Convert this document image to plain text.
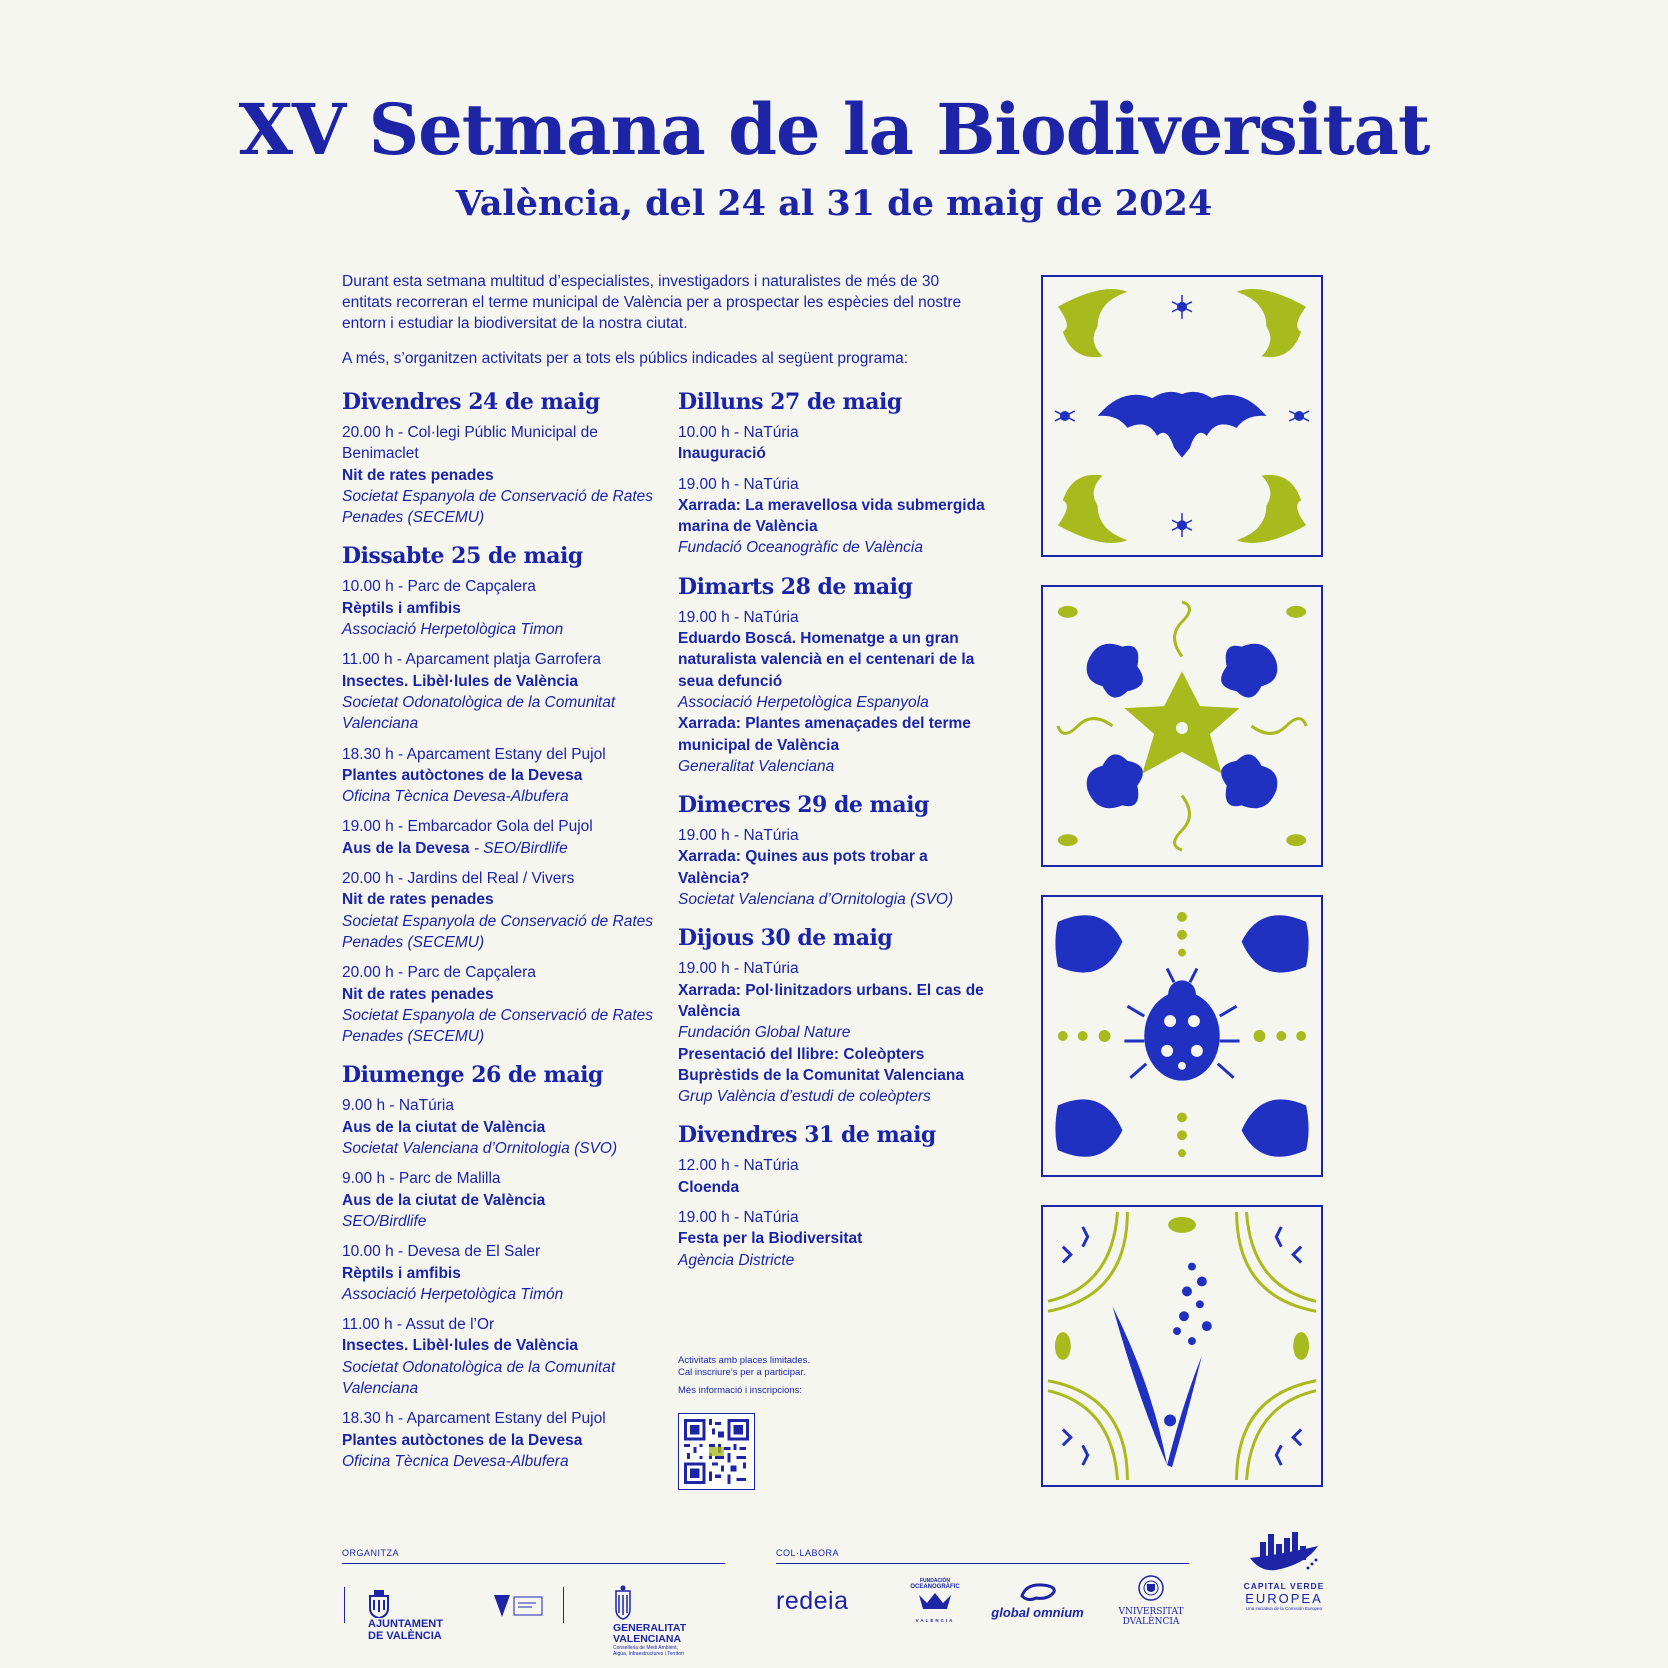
XV Setmana de la Biodiversitat
València, del 24 al 31 de maig de 2024

Durant esta setmana multitud d’especialistes, investigadors i naturalistes de més de 30 entitats recorreran el terme municipal de València per a prospectar les espècies del nostre entorn i estudiar la biodiversitat de la nostra ciutat.

A més, s’organitzen activitats per a tots els públics indicades al següent programa:

Divendres 24 de maig
20.00 h - Col·legi Públic Municipal de Benimaclet
Nit de rates penades
Societat Espanyola de Conservació de Rates Penades (SECEMU)
Dissabte 25 de maig
10.00 h - Parc de Capçalera
Rèptils i amfibis
Associació Herpetològica Timon
11.00 h - Aparcament platja Garrofera
Insectes. Libèl·lules de València
Societat Odonatològica de la Comunitat Valenciana
18.30 h - Aparcament Estany del Pujol
Plantes autòctones de la Devesa
Oficina Tècnica Devesa-Albufera
19.00 h - Embarcador Gola del Pujol
Aus de la Devesa - SEO/Birdlife
20.00 h - Jardins del Real / Vivers
Nit de rates penades
Societat Espanyola de Conservació de Rates Penades (SECEMU)
20.00 h - Parc de Capçalera
Nit de rates penades
Societat Espanyola de Conservació de Rates Penades (SECEMU)
Diumenge 26 de maig
9.00 h - NaTúria
Aus de la ciutat de València
Societat Valenciana d’Ornitologia (SVO)
9.00 h - Parc de Malilla
Aus de la ciutat de València
SEO/Birdlife
10.00 h - Devesa de El Saler
Rèptils i amfibis
Associació Herpetològica Timón
11.00 h - Assut de l’Or
Insectes. Libèl·lules de València
Societat Odonatològica de la Comunitat Valenciana
18.30 h - Aparcament Estany del Pujol
Plantes autòctones de la Devesa
Oficina Tècnica Devesa-Albufera
Dilluns 27 de maig
10.00 h - NaTúria
Inauguració
19.00 h - NaTúria
Xarrada: La meravellosa vida submergida marina de València
Fundació Oceanogràfic de València
Dimarts 28 de maig
19.00 h - NaTúria
Eduardo Boscá. Homenatge a un gran naturalista valencià en el centenari de la seua defunció
Associació Herpetològica Espanyola
Xarrada: Plantes amenaçades del terme municipal de València
Generalitat Valenciana
Dimecres 29 de maig
19.00 h - NaTúria
Xarrada: Quines aus pots trobar a València?
Societat Valenciana d’Ornitologia (SVO)
Dijous 30 de maig
19.00 h - NaTúria
Xarrada: Pol·linitzadors urbans. El cas de València
Fundación Global Nature
Presentació del llibre: Coleòpters Buprèstids de la Comunitat Valenciana
Grup València d’estudi de coleòpters
Divendres 31 de maig
12.00 h - NaTúria
Cloenda
19.00 h - NaTúria
Festa per la Biodiversitat
Agència Districte
Activitats amb places limitades.
Cal inscriure’s per a participar.
Més informació i inscripcions:
ORGANITZA	COL·LABORA
AJUNTAMENT
DE VALÈNCIA
GENERALITAT
VALENCIANA
Conselleria de Medi Ambient, Aigua, Infraestructures i Territori
redeia
FUNDACIÓN
OCEANOGRÀFIC
VALÈNCIA
global omnium	VNIVERSITAT
DVALÈNCIA
CAPITAL VERDE
EUROPEA
Una iniciativa de la Comisión Europea
